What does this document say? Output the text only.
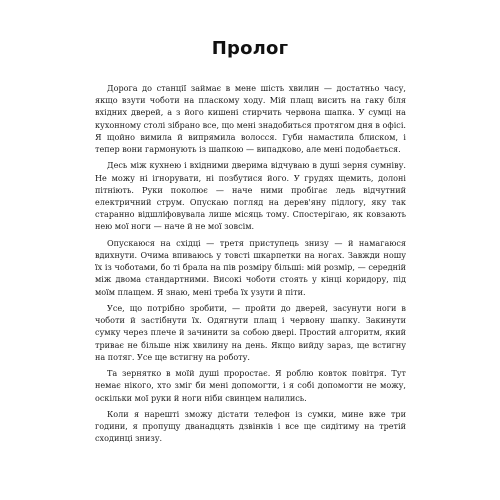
Пролог

Дорога до станції займає в мене шість хвилин — достатньо часу, якщо взути чоботи на пласкому ходу. Мій плащ висить на гаку біля вхідних дверей, а з його кишені стирчить червона шапка. У сумці на кухонному столі зібрано все, що мені знадобиться протягом дня в офісі. Я щойно вимила й випрямила волосся. Губи намастила блиском, і тепер вони гармонують із шапкою — випадково, але мені подобається.

Десь між кухнею і вхідними дверима відчуваю в душі зерня сумніву. Не можу ні ігнорувати, ні позбутися його. У грудях щемить, долоні пітніють. Руки поколює — наче ними пробігає ледь відчутний електричний струм. Опускаю погляд на дерев'яну підлогу, яку так старанно відшліфовувала лише місяць тому. Спостерігаю, як ковзають нею мої ноги — наче й не мої зовсім.

Опускаюся на східці — третя приступець знизу — й намагаюся вдихнути. Очима впиваюсь у товсті шкарпетки на ногах. Завжди ношу їх із чоботами, бо ті брала на пів розміру більші: мій розмір, — середній між двома стандартними. Високі чоботи стоять у кінці коридору, під моїм плащем. Я знаю, мені треба їх узути й піти.

Усе, що потрібно зробити, — пройти до дверей, засунути ноги в чоботи й застібнути їх. Одягнути плащ і червону шапку. Закинути сумку через плече й зачинити за собою двері. Простий алгоритм, який триває не більше ніж хвилину на день. Якщо вийду зараз, ще встигну на потяг. Усе ще встигну на роботу.

Та зернятко в моїй душі проростає. Я роблю ковток повітря. Тут немає нікого, хто зміг би мені допомогти, і я собі допомогти не можу, оскільки мої руки й ноги ніби свинцем налились.

Коли я нарешті зможу дістати телефон із сумки, мине вже три години, я пропущу дванадцять дзвінків і все ще сидітиму на третій сходинці знизу.
